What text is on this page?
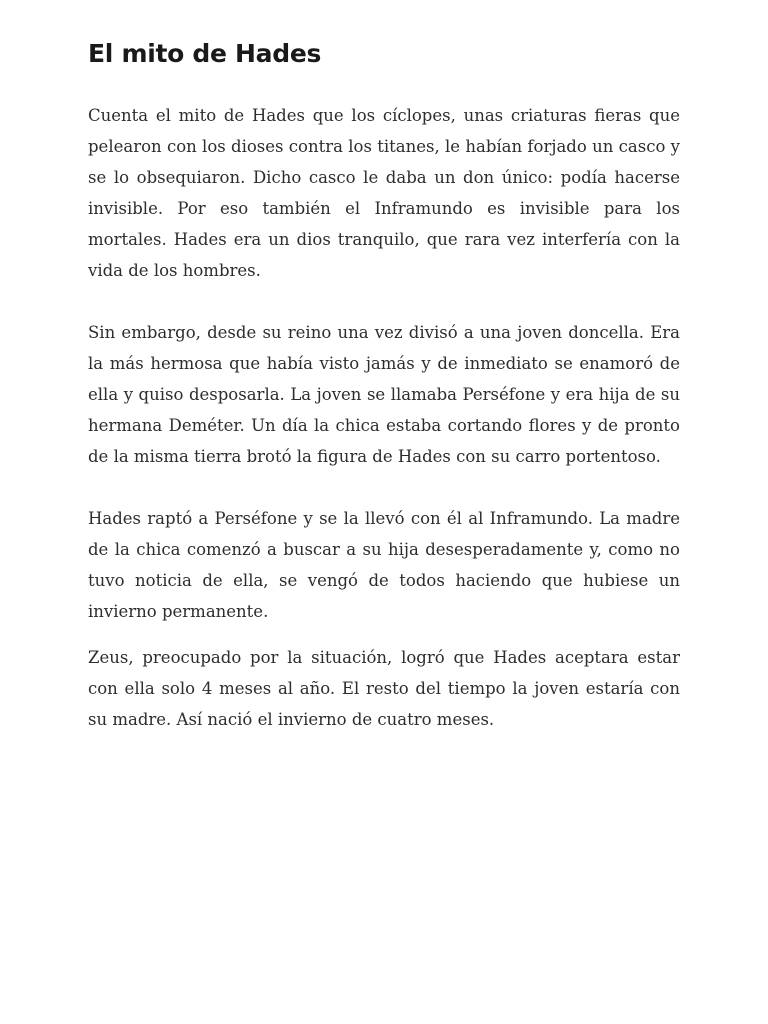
El mito de Hades

Cuenta el mito de Hades que los cíclopes, unas criaturas fieras que pelearon con los dioses contra los titanes, le habían forjado un casco y se lo obsequiaron. Dicho casco le daba un don único: podía hacerse invisible. Por eso también el Inframundo es invisible para los mortales. Hades era un dios tranquilo, que rara vez interfería con la vida de los hombres.

Sin embargo, desde su reino una vez divisó a una joven doncella. Era la más hermosa que había visto jamás y de inmediato se enamoró de ella y quiso desposarla. La joven se llamaba Perséfone y era hija de su hermana Deméter. Un día la chica estaba cortando flores y de pronto de la misma tierra brotó la figura de Hades con su carro portentoso.

Hades raptó a Perséfone y se la llevó con él al Inframundo. La madre de la chica comenzó a buscar a su hija desesperadamente y, como no tuvo noticia de ella, se vengó de todos haciendo que hubiese un invierno permanente.

Zeus, preocupado por la situación, logró que Hades aceptara estar con ella solo 4 meses al año. El resto del tiempo la joven estaría con su madre. Así nació el invierno de cuatro meses.
